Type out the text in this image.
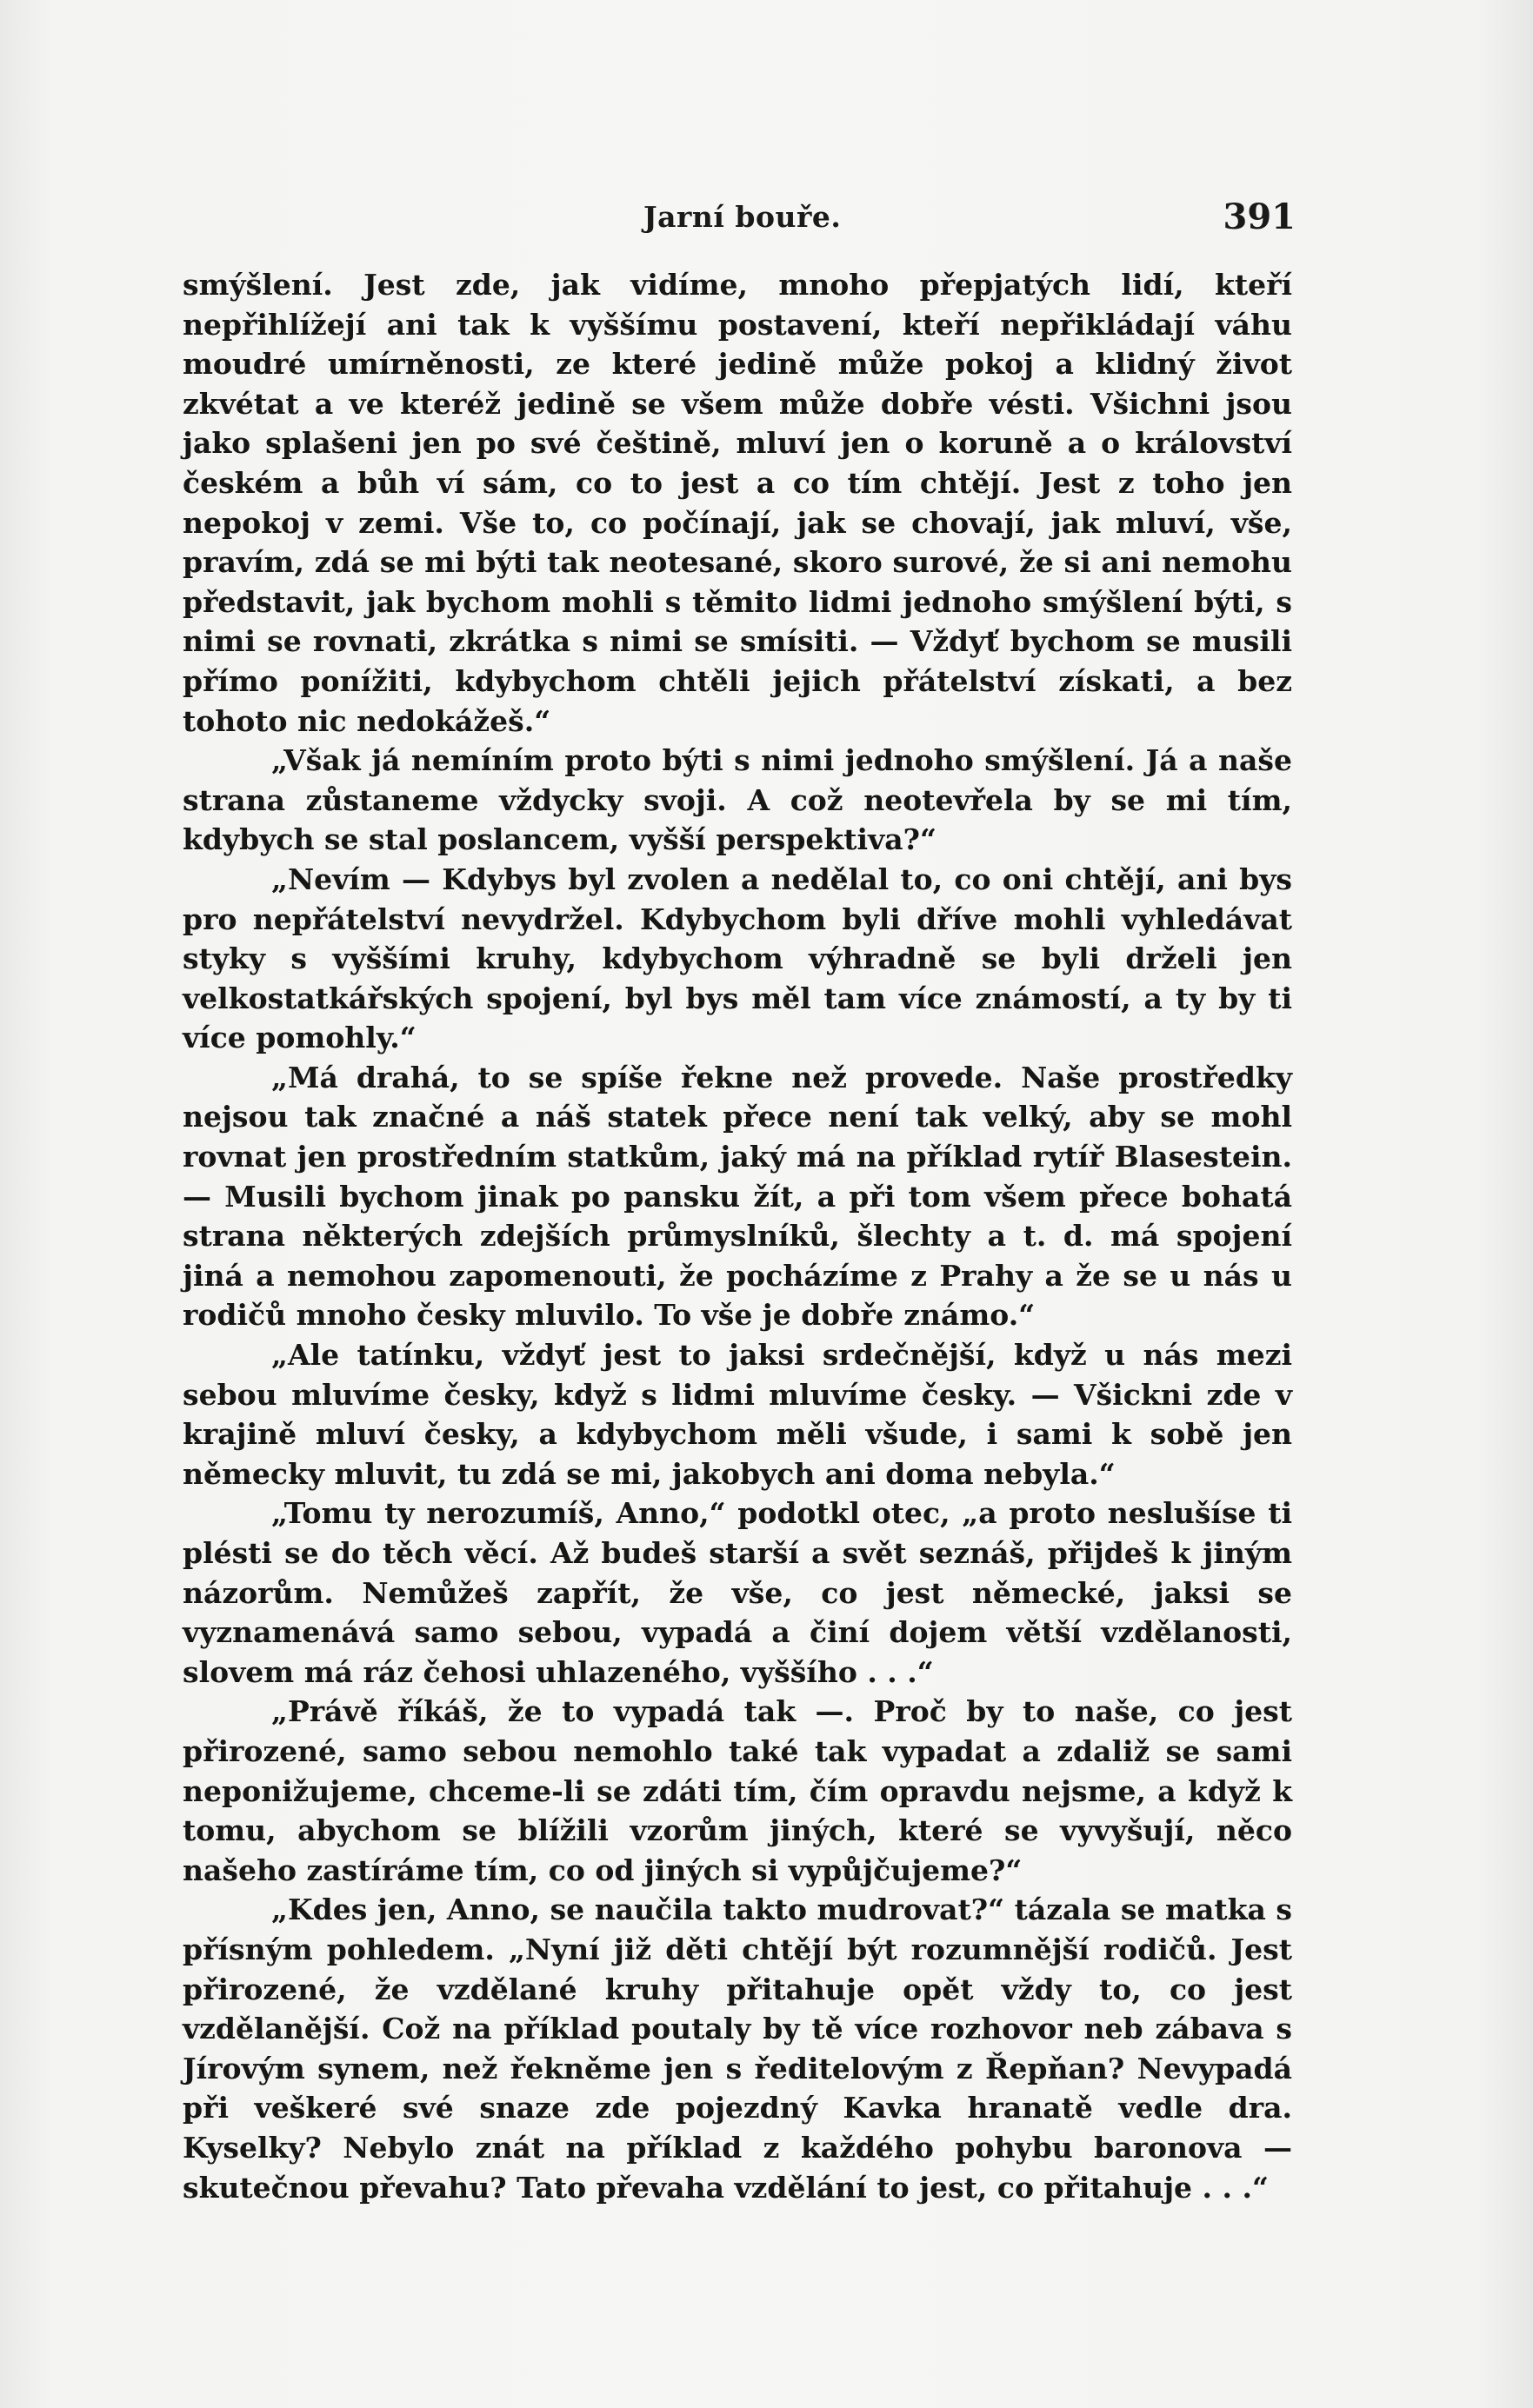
Jarní bouře.	391

smýšlení. Jest zde, jak vidíme, mnoho přepjatých lidí, kteří nepřihlížejí ani tak k vyššímu postavení, kteří nepřikládají váhu moudré umírněnosti, ze které jedině může pokoj a klidný život zkvétat a ve kteréž jedině se všem může dobře vésti. Všichni jsou jako splašeni jen po své češtině, mluví jen o koruně a o království českém a bůh ví sám, co to jest a co tím chtějí. Jest z toho jen nepokoj v zemi. Vše to, co počínají, jak se chovají, jak mluví, vše, pravím, zdá se mi býti tak neotesané, skoro surové, že si ani nemohu představit, jak bychom mohli s těmito lidmi jednoho smýšlení býti, s nimi se rovnati, zkrátka s nimi se smísiti. — Vždyť bychom se musili přímo ponížiti, kdybychom chtěli jejich přátelství získati, a bez tohoto nic nedokážeš.“

„Však já nemíním proto býti s nimi jednoho smýšlení. Já a naše strana zůstaneme vždycky svoji. A což neotevřela by se mi tím, kdybych se stal poslancem, vyšší perspektiva?“

„Nevím — Kdybys byl zvolen a nedělal to, co oni chtějí, ani bys pro nepřátelství nevydržel. Kdybychom byli dříve mohli vyhledávat styky s vyššími kruhy, kdybychom výhradně se byli drželi jen velkostatkářských spojení, byl bys měl tam více známostí, a ty by ti více pomohly.“

„Má drahá, to se spíše řekne než provede. Naše prostředky nejsou tak značné a náš statek přece není tak velký, aby se mohl rovnat jen prostředním statkům, jaký má na příklad rytíř Blasestein. — Musili bychom jinak po pansku žít, a při tom všem přece bohatá strana některých zdejších průmyslníků, šlechty a t. d. má spojení jiná a nemohou zapomenouti, že pocházíme z Prahy a že se u nás u rodičů mnoho česky mluvilo. To vše je dobře známo.“

„Ale tatínku, vždyť jest to jaksi srdečnější, když u nás mezi sebou mluvíme česky, když s lidmi mluvíme česky. — Všickni zde v krajině mluví česky, a kdybychom měli všude, i sami k sobě jen německy mluvit, tu zdá se mi, jakobych ani doma nebyla.“

„Tomu ty nerozumíš, Anno,“ podotkl otec, „a proto neslušíse ti plésti se do těch věcí. Až budeš starší a svět seznáš, přijdeš k jiným názorům. Nemůžeš zapřít, že vše, co jest německé, jaksi se vyznamenává samo sebou, vypadá a činí dojem větší vzdělanosti, slovem má ráz čehosi uhlazeného, vyššího . . .“

„Právě říkáš, že to vypadá tak —. Proč by to naše, co jest přirozené, samo sebou nemohlo také tak vypadat a zdaliž se sami neponižujeme, chceme-li se zdáti tím, čím opravdu nejsme, a když k tomu, abychom se blížili vzorům jiných, které se vyvyšují, něco našeho zastíráme tím, co od jiných si vypůjčujeme?“

„Kdes jen, Anno, se naučila takto mudrovat?“ tázala se matka s přísným pohledem. „Nyní již děti chtějí být rozumnější rodičů. Jest přirozené, že vzdělané kruhy přitahuje opět vždy to, co jest vzdělanější. Což na příklad poutaly by tě více rozhovor neb zábava s Jírovým synem, než řekněme jen s ředitelovým z Řepňan? Nevypadá při veškeré své snaze zde pojezdný Kavka hranatě vedle dra. Kyselky? Nebylo znát na příklad z každého pohybu baronova — skutečnou převahu? Tato převaha vzdělání to jest, co přitahuje . . .“
